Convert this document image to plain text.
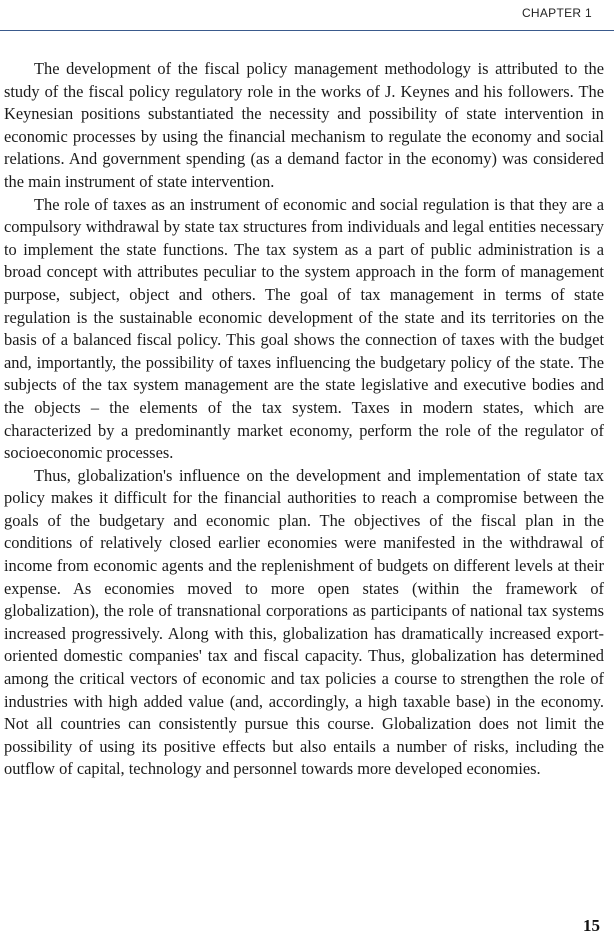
CHAPTER 1

The development of the fiscal policy management methodology is attributed to the study of the fiscal policy regulatory role in the works of J. Keynes and his followers. The Keynesian positions substantiated the necessity and possibility of state intervention in economic processes by using the financial mechanism to regulate the economy and social relations. And government spending (as a demand factor in the economy) was considered the main instrument of state intervention.

The role of taxes as an instrument of economic and social regulation is that they are a compulsory withdrawal by state tax structures from individuals and legal entities necessary to implement the state functions. The tax system as a part of public administration is a broad concept with attributes peculiar to the system approach in the form of management purpose, subject, object and others. The goal of tax management in terms of state regulation is the sustainable economic development of the state and its territories on the basis of a balanced fiscal policy. This goal shows the connection of taxes with the budget and, importantly, the possibility of taxes influencing the budgetary policy of the state. The subjects of the tax system management are the state legislative and executive bodies and the objects – the elements of the tax system. Taxes in modern states, which are characterized by a predominantly market economy, perform the role of the regulator of socioeconomic processes.

Thus, globalization's influence on the development and implementation of state tax policy makes it difficult for the financial authorities to reach a compromise between the goals of the budgetary and economic plan. The objectives of the fiscal plan in the conditions of relatively closed earlier economies were manifested in the withdrawal of income from economic agents and the replenishment of budgets on different levels at their expense. As economies moved to more open states (within the framework of globalization), the role of transnational corporations as participants of national tax systems increased progressively. Along with this, globalization has dramatically increased export-oriented domestic companies' tax and fiscal capacity. Thus, globalization has determined among the critical vectors of economic and tax policies a course to strengthen the role of industries with high added value (and, accordingly, a high taxable base) in the economy. Not all countries can consistently pursue this course. Globalization does not limit the possibility of using its positive effects but also entails a number of risks, including the outflow of capital, technology and personnel towards more developed economies.

15
